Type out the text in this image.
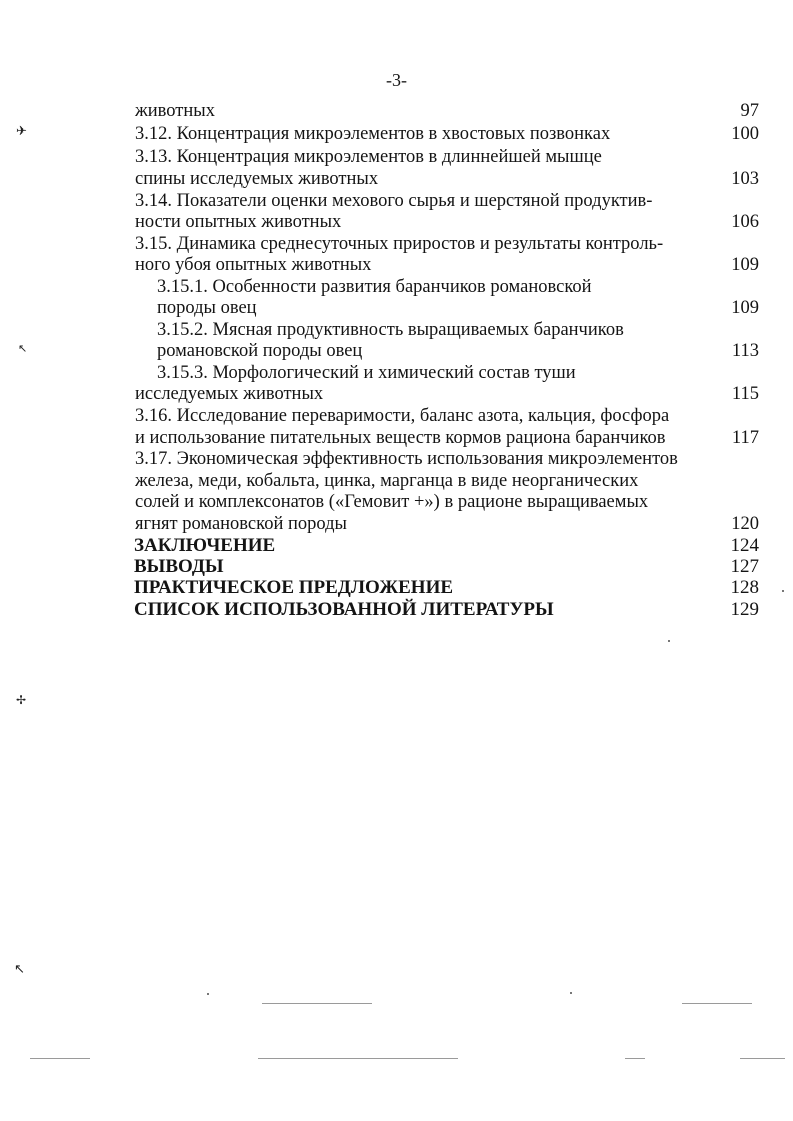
-3-
животных	97
3.12. Концентрация микроэлементов в хвостовых позвонках	100
3.13. Концентрация микроэлементов в длиннейшей мышце
спины исследуемых животных	103
3.14. Показатели оценки мехового сырья и шерстяной продуктив-
ности опытных животных	106
3.15. Динамика среднесуточных приростов и результаты контроль-
ного убоя опытных животных	109
3.15.1. Особенности развития баранчиков романовской
породы овец	109
3.15.2. Мясная продуктивность выращиваемых баранчиков
романовской породы овец	113
3.15.3. Морфологический и химический состав туши
исследуемых животных	115
3.16. Исследование переваримости, баланс азота, кальция, фосфора
и использование питательных веществ кормов рациона баранчиков	117
3.17. Экономическая эффективность использования микроэлементов
железа, меди, кобальта, цинка, марганца в виде неорганических
солей и комплексонатов («Гемовит +») в рационе выращиваемых
ягнят романовской породы	120
ЗАКЛЮЧЕНИЕ	124
ВЫВОДЫ	127
ПРАКТИЧЕСКОЕ ПРЕДЛОЖЕНИЕ	128
СПИСОК ИСПОЛЬЗОВАННОЙ ЛИТЕРАТУРЫ	129
✈
↖
✢
↖
